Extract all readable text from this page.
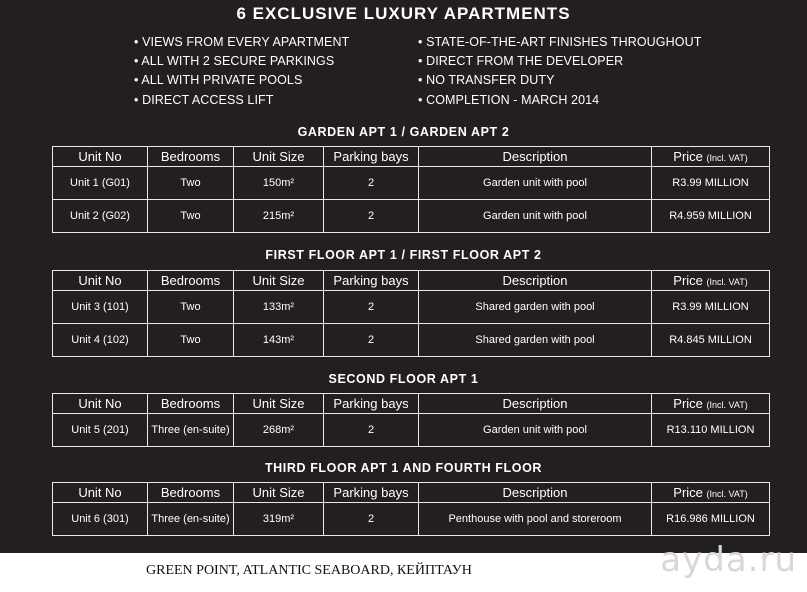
6 EXCLUSIVE LUXURY APARTMENTS
• VIEWS FROM EVERY APARTMENT
• ALL WITH 2 SECURE PARKINGS
• ALL WITH PRIVATE POOLS
• DIRECT ACCESS LIFT
• STATE-OF-THE-ART FINISHES THROUGHOUT
• DIRECT FROM THE DEVELOPER
• NO TRANSFER DUTY
• COMPLETION - MARCH 2014
GARDEN APT 1 / GARDEN APT 2
Unit No	Bedrooms	Unit Size	Parking bays	Description	Price (Incl. VAT)
Unit 1 (G01)	Two	150m²	2	Garden unit with pool	R3.99 MILLION
Unit 2 (G02)	Two	215m²	2	Garden unit with pool	R4.959 MILLION
FIRST FLOOR APT 1 / FIRST FLOOR APT 2
Unit No	Bedrooms	Unit Size	Parking bays	Description	Price (Incl. VAT)
Unit 3 (101)	Two	133m²	2	Shared garden with pool	R3.99 MILLION
Unit 4 (102)	Two	143m²	2	Shared garden with pool	R4.845 MILLION
SECOND FLOOR APT 1
Unit No	Bedrooms	Unit Size	Parking bays	Description	Price (Incl. VAT)
Unit 5 (201)	Three (en-suite)	268m²	2	Garden unit with pool	R13.110 MILLION
THIRD FLOOR APT 1 AND FOURTH FLOOR
Unit No	Bedrooms	Unit Size	Parking bays	Description	Price (Incl. VAT)
Unit 6 (301)	Three (en-suite)	319m²	2	Penthouse with pool and storeroom	R16.986 MILLION
GREEN POINT, ATLANTIC SEABOARD, КЕЙПТАУН	ayda.ru
